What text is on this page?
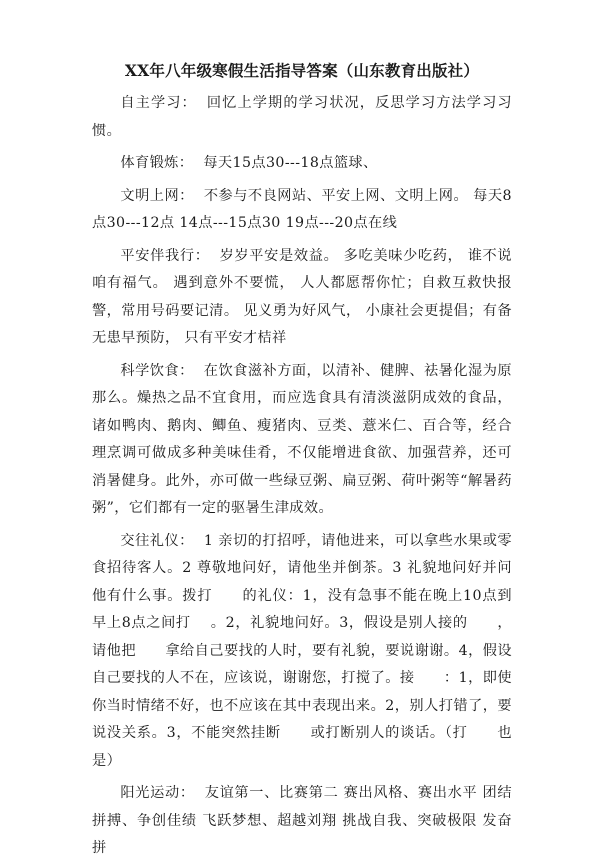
XX年八年级寒假生活指导答案（山东教育出版社）

自主学习： 回忆上学期的学习状况，反思学习方法学习习惯。

体育锻炼： 每天15点30---18点篮球、

文明上网： 不参与不良网站、平安上网、文明上网。 每天8点30---12点 14点---15点30 19点---20点在线

平安伴我行： 岁岁平安是效益。 多吃美味少吃药， 谁不说咱有福气。 遇到意外不要慌， 人人都愿帮你忙；自救互救快报警，常用号码要记清。 见义勇为好风气， 小康社会更提倡；有备无患早预防， 只有平安才桔祥

科学饮食： 在饮食滋补方面，以清补、健脾、祛暑化湿为原那么。燥热之品不宜食用，而应选食具有清淡滋阴成效的食品，诸如鸭肉、鹅肉、鲫鱼、瘦猪肉、豆类、薏米仁、百合等，经合理烹调可做成多种美味佳肴，不仅能增进食欲、加强营养，还可消暑健身。此外，亦可做一些绿豆粥、扁豆粥、荷叶粥等“解暑药粥”，它们都有一定的驱暑生津成效。

交往礼仪： 1 亲切的打招呼，请他进来，可以拿些水果或零食招待客人。2 尊敬地问好，请他坐并倒茶。3 礼貌地问好并问他有什么事。拨打　　的礼仪：1，没有急事不能在晚上10点到早上8点之间打　 。2，礼貌地问好。3，假设是别人接的　　，请他把　　拿给自己要找的人时，要有礼貌，要说谢谢。4，假设自己要找的人不在，应该说，谢谢您，打搅了。接　　：1，即使你当时情绪不好，也不应该在其中表现出来。2，别人打错了，要说没关系。3，不能突然挂断　　或打断别人的谈话。（打　　也是）

阳光运动： 友谊第一、比赛第二 赛出风格、赛出水平 团结拼搏、争创佳绩 飞跃梦想、超越刘翔 挑战自我、突破极限 发奋拼
